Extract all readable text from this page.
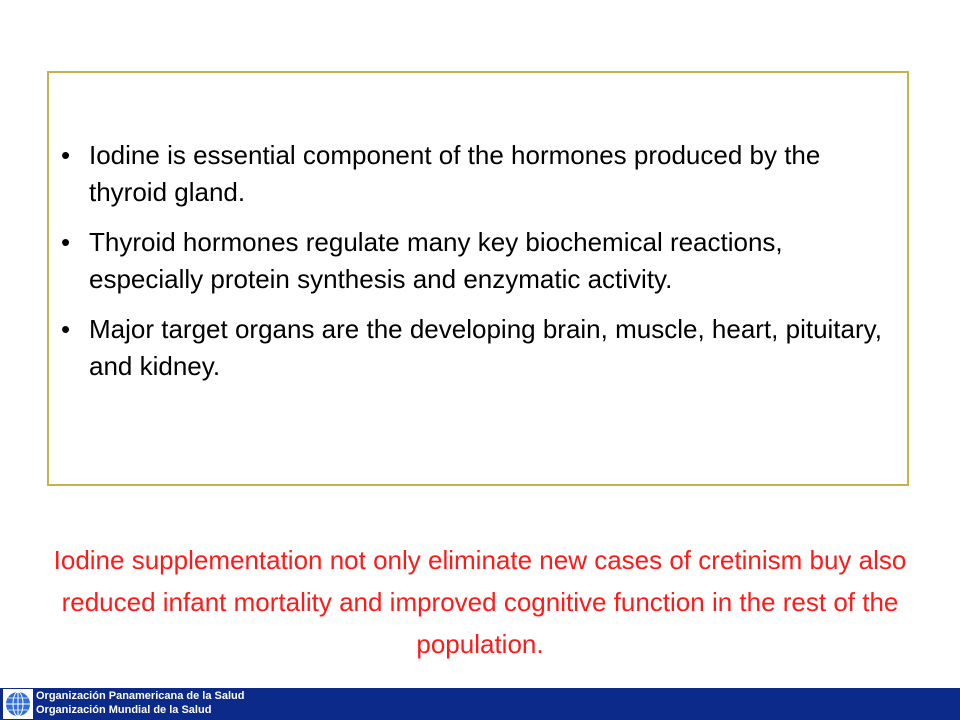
• Iodine is essential component of the hormones produced by the thyroid gland.
• Thyroid hormones regulate many key biochemical reactions, especially protein synthesis and enzymatic activity.
• Major target organs are the developing brain, muscle, heart, pituitary, and kidney.
Iodine supplementation not only eliminate new cases of cretinism buy also reduced infant mortality and improved cognitive function in the rest of the population.
Organización Panamericana de la Salud
Organización Mundial de la Salud
